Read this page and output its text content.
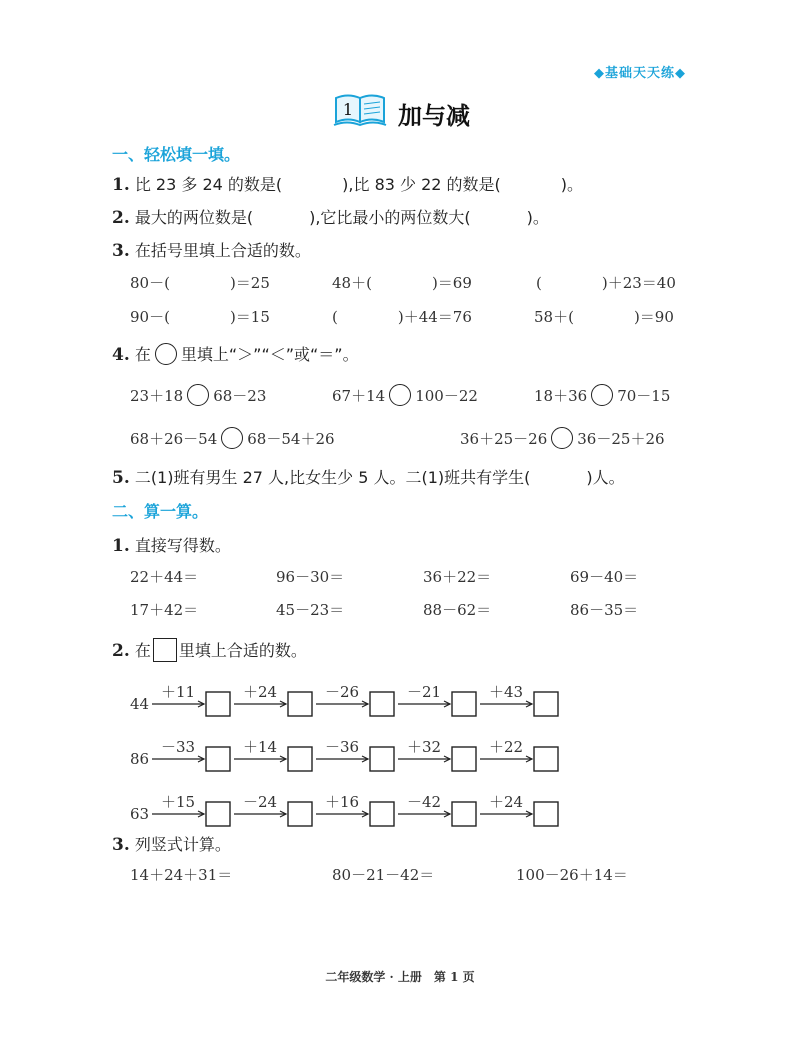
◆基础天天练◆
1 加与减
一、轻松填一填。
1. 比 23 多 24 的数是(	),比 83 少 22 的数是(	)。
2. 最大的两位数是(	),它比最小的两位数大(	)。
3. 在括号里填上合适的数。
80－(	)＝25	48＋(	)＝69	(	)＋23＝40
90－(	)＝15	(	)＋44＝76	58＋(	)＝90
4. 在 里填上“＞”“＜”或“＝”。
23＋18 68－23	67＋14 100－22	18＋36 70－15
68＋26－54 68－54＋26	36＋25－26 36－25＋26
5. 二(1)班有男生 27 人,比女生少 5 人。二(1)班共有学生(	)人。
二、算一算。
1. 直接写得数。
22＋44＝	96－30＝	36＋22＝	69－40＝
17＋42＝	45－23＝	88－62＝	86－35＝
2. 在 里填上合适的数。
44
＋11	＋24	－26	－21	＋43
86
－33	＋14	－36	＋32	＋22
63
＋15	－24	＋16	－42	＋24
3. 列竖式计算。
14＋24＋31＝	80－21－42＝	100－26＋14＝
二年级数学 · 上册　第 1 页
